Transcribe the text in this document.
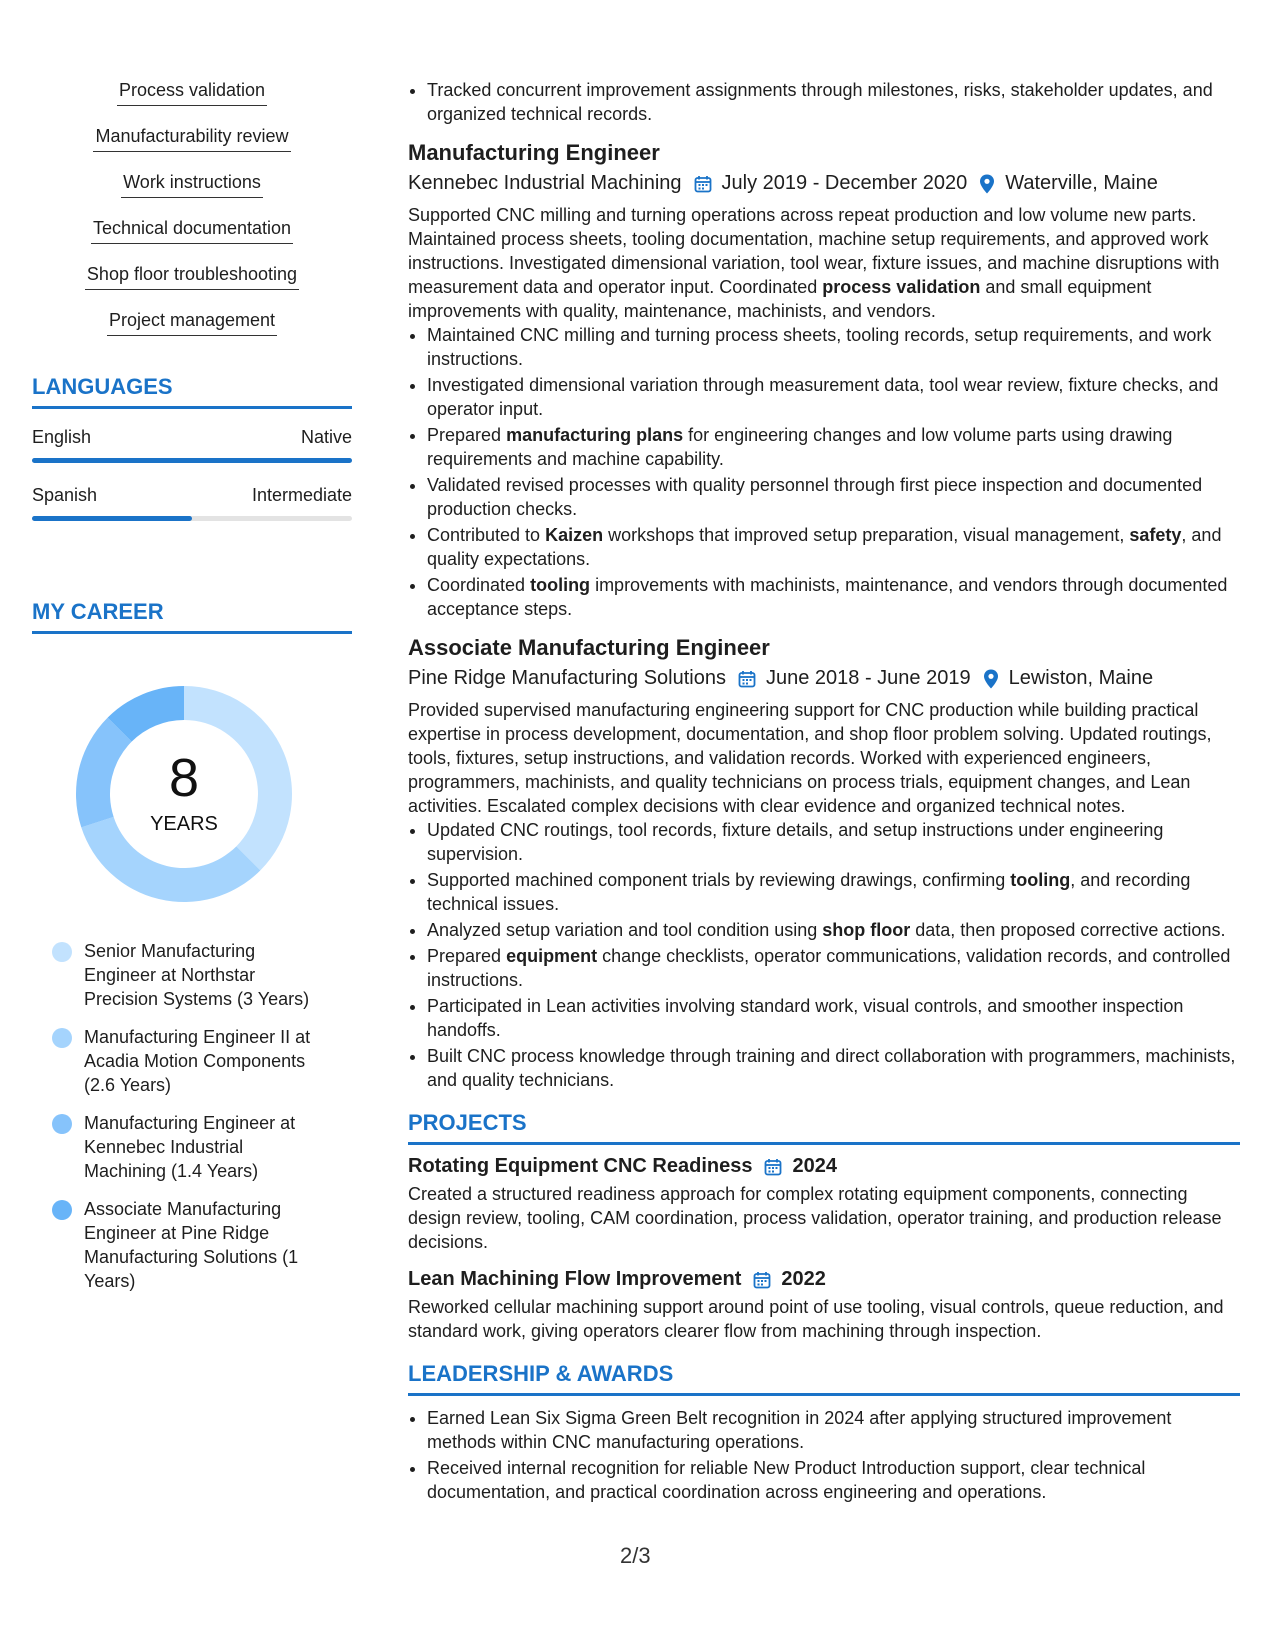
Process validation
Manufacturability review
Work instructions
Technical documentation
Shop floor troubleshooting
Project management
LANGUAGES
English	Native
Spanish	Intermediate
MY CAREER
8
YEARS
Senior Manufacturing Engineer at Northstar Precision Systems (3 Years)
Manufacturing Engineer II at Acadia Motion Components (2.6 Years)
Manufacturing Engineer at Kennebec Industrial Machining (1.4 Years)
Associate Manufacturing Engineer at Pine Ridge Manufacturing Solutions (1 Years)
• Tracked concurrent improvement assignments through milestones, risks, stakeholder updates, and organized technical records.
Manufacturing Engineer
Kennebec Industrial Machining July 2019 - December 2020 Waterville, Maine
Supported CNC milling and turning operations across repeat production and low volume new parts. Maintained process sheets, tooling documentation, machine setup requirements, and approved work instructions. Investigated dimensional variation, tool wear, fixture issues, and machine disruptions with measurement data and operator input. Coordinated process validation and small equipment improvements with quality, maintenance, machinists, and vendors.
• Maintained CNC milling and turning process sheets, tooling records, setup requirements, and work instructions.
• Investigated dimensional variation through measurement data, tool wear review, fixture checks, and operator input.
• Prepared manufacturing plans for engineering changes and low volume parts using drawing requirements and machine capability.
• Validated revised processes with quality personnel through first piece inspection and documented production checks.
• Contributed to Kaizen workshops that improved setup preparation, visual management, safety, and quality expectations.
• Coordinated tooling improvements with machinists, maintenance, and vendors through documented acceptance steps.
Associate Manufacturing Engineer
Pine Ridge Manufacturing Solutions June 2018 - June 2019 Lewiston, Maine
Provided supervised manufacturing engineering support for CNC production while building practical expertise in process development, documentation, and shop floor problem solving. Updated routings, tools, fixtures, setup instructions, and validation records. Worked with experienced engineers, programmers, machinists, and quality technicians on process trials, equipment changes, and Lean activities. Escalated complex decisions with clear evidence and organized technical notes.
• Updated CNC routings, tool records, fixture details, and setup instructions under engineering supervision.
• Supported machined component trials by reviewing drawings, confirming tooling, and recording technical issues.
• Analyzed setup variation and tool condition using shop floor data, then proposed corrective actions.
• Prepared equipment change checklists, operator communications, validation records, and controlled instructions.
• Participated in Lean activities involving standard work, visual controls, and smoother inspection handoffs.
• Built CNC process knowledge through training and direct collaboration with programmers, machinists, and quality technicians.
PROJECTS
Rotating Equipment CNC Readiness 2024
Created a structured readiness approach for complex rotating equipment components, connecting design review, tooling, CAM coordination, process validation, operator training, and production release decisions.
Lean Machining Flow Improvement 2022
Reworked cellular machining support around point of use tooling, visual controls, queue reduction, and standard work, giving operators clearer flow from machining through inspection.
LEADERSHIP & AWARDS
• Earned Lean Six Sigma Green Belt recognition in 2024 after applying structured improvement methods within CNC manufacturing operations.
• Received internal recognition for reliable New Product Introduction support, clear technical documentation, and practical coordination across engineering and operations.
2/3
